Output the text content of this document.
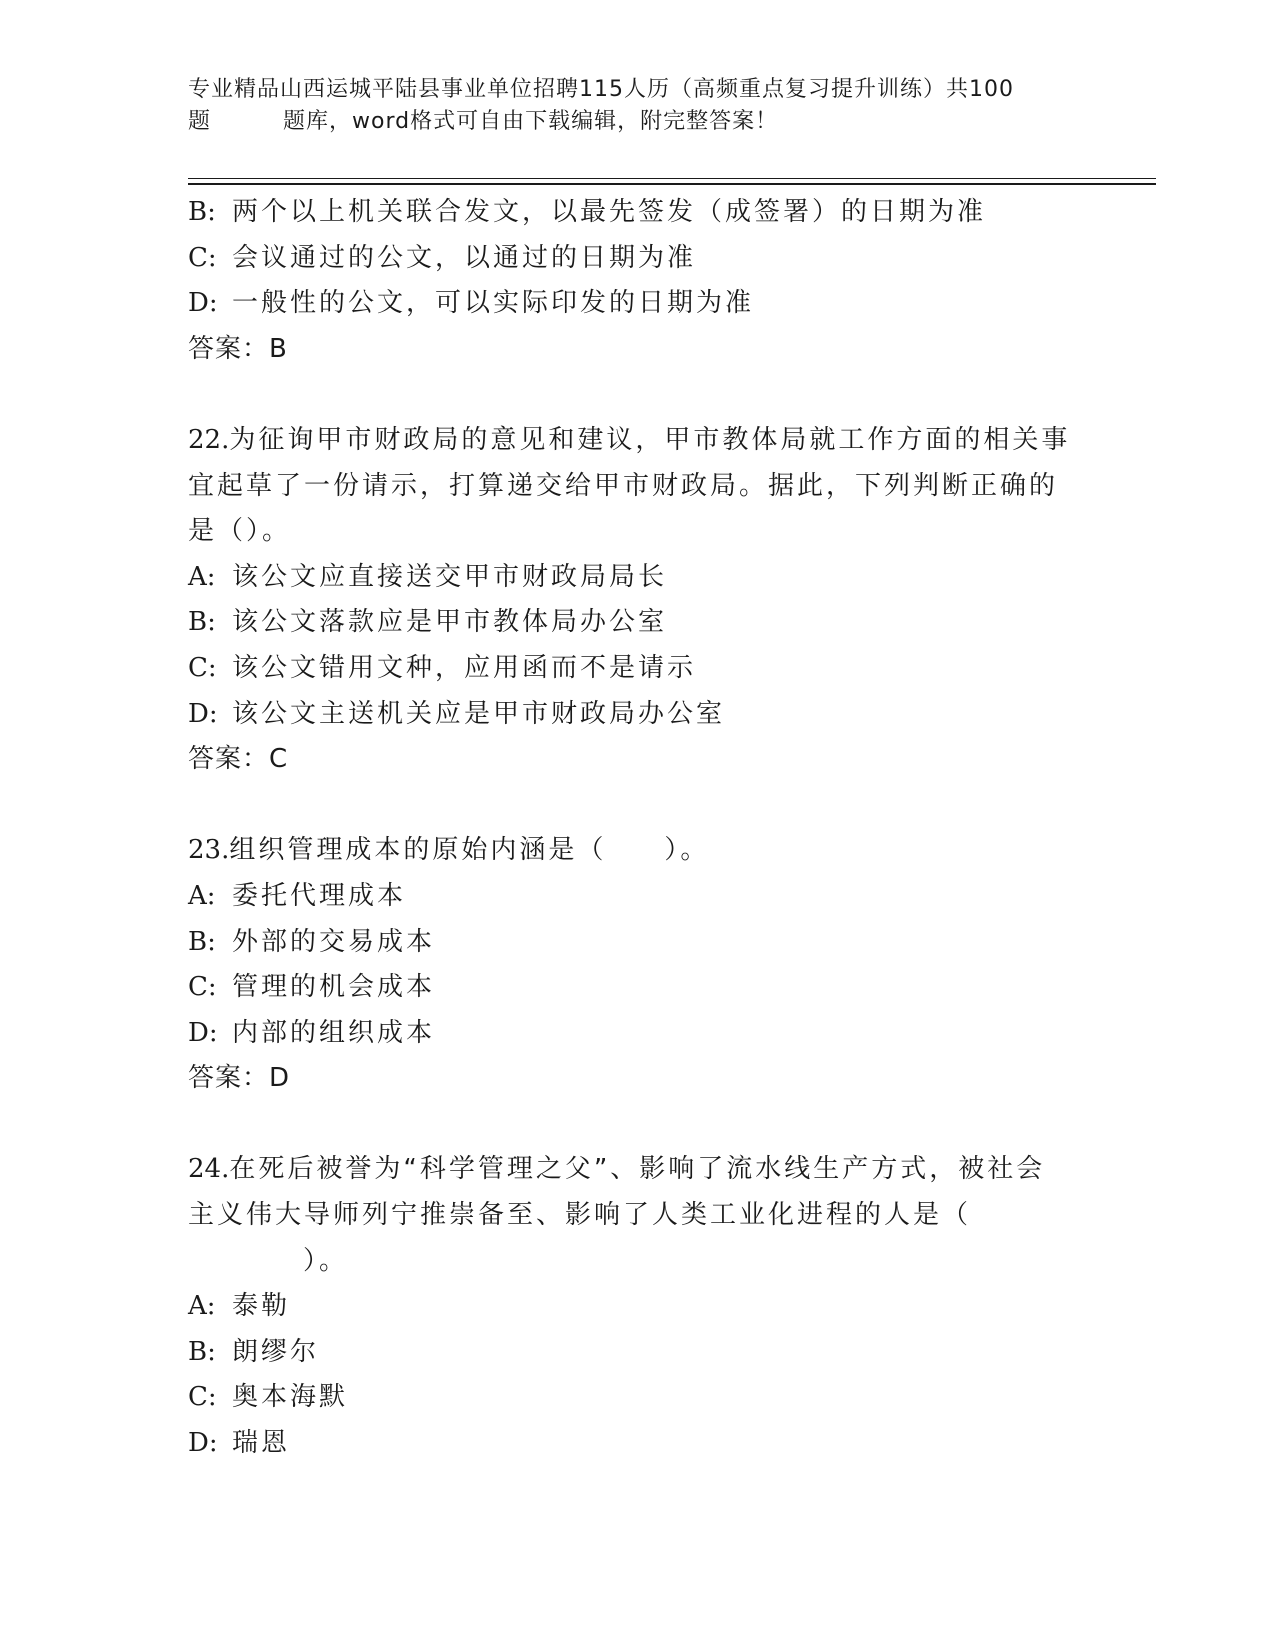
专业精品山西运城平陆县事业单位招聘115人历（高频重点复习提升训练）共100
题	题库，word格式可自由下载编辑，附完整答案！
B: 两个以上机关联合发文，以最先签发（成签署）的日期为准
C: 会议通过的公文，以通过的日期为准
D: 一般性的公文，可以实际印发的日期为准
答案：B
22.为征询甲市财政局的意见和建议，甲市教体局就工作方面的相关事
宜起草了一份请示，打算递交给甲市财政局。据此，下列判断正确的
是（）。
A: 该公文应直接送交甲市财政局局长
B: 该公文落款应是甲市教体局办公室
C: 该公文错用文种，应用函而不是请示
D: 该公文主送机关应是甲市财政局办公室
答案：C
23.组织管理成本的原始内涵是（　　）。
A: 委托代理成本
B: 外部的交易成本
C: 管理的机会成本
D: 内部的组织成本
答案：D
24.在死后被誉为“科学管理之父”、影响了流水线生产方式，被社会
主义伟大导师列宁推崇备至、影响了人类工业化进程的人是（
）。
A: 泰勒
B: 朗缪尔
C: 奥本海默
D: 瑞恩
